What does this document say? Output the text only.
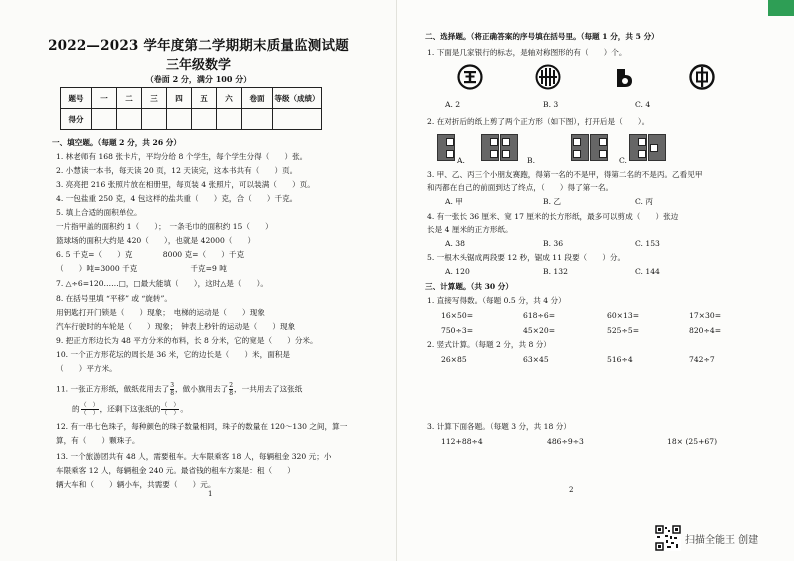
2022—2023 学年度第二学期期末质量监测试题
三年级数学
（卷面 2 分，满分 100 分）
题号	一	二	三	四	五	六	卷面	等级（成绩）
得分								
一、填空题。（每题 2 分，共 26 分）
1. 林老师有 168 张卡片，平均分给 8 个学生，每个学生分得（　　）张。
2. 小慧读一本书，每天读 20 页，12 天读完，这本书共有（　　）页。
3. 亮亮把 216 张照片放在相册里，每页装 4 张照片，可以装满（　　）页。
4. 一包盐重 250 克，4 包这样的盐共重（　　）克，合（　　）千克。
5. 填上合适的面积单位。
一片指甲盖的面积约 1（　　）；　一条毛巾的面积约 15（　　）
篮球场的面积大约是 420（　　），也就是 42000（　　）
6. 5 千克=（　　）克　　　　8000 克=（　　）千克
（　　）吨=3000 千克　　　　　　　千克=9 吨
7. △÷6=120……□，□最大能填（　　），这时△是（　　）。
8. 在括号里填 “平移” 或 “旋转”。
用钥匙打开门锁是（　　）现象；　电梯的运动是（　　）现象
汽车行驶时的车轮是（　　）现象；　钟表上秒针的运动是（　　）现象
9. 把正方形边长为 48 平方分米的布料，长 8 分米，它的宽是（　　）分米。
10. 一个正方形花坛的周长是 36 米，它的边长是（　　）米，面积是
（　　）平方米。
11. 一张正方形纸，做纸花用去了 $\frac{3}{8}$ ，做小旗用去了 $\frac{2}{8}$ ，一共用去了这张纸
的 $\frac{( )}{( )}$ ，还剩下这张纸的 $\frac{( )}{( )}$ 。
12. 有一串七色珠子，每种颜色的珠子数量相同，珠子的数量在 120～130 之间，算一
算，有（　　）颗珠子。
13. 一个旅游团共有 48 人，需要租车。大车限乘客 18 人，每辆租金 320 元；小
车限乘客 12 人，每辆租金 240 元。最省钱的租车方案是：租（　　）
辆大车和（　　）辆小车，共需要（　　）元。
1
二、选择题。（将正确答案的序号填在括号里。（每题 1 分，共 5 分）
1. 下面是几家银行的标志，是轴对称图形的有（　　）个。
A. 2	B. 3	C. 4
2. 在对折后的纸上剪了两个正方形（如下图），打开后是（　　）。
A.	B.	C.
3. 甲、乙、丙三个小朋友赛跑，得第一名的不是甲，得第二名的不是丙。乙看见甲
和丙都在自己的前面到达了终点，（　　）得了第一名。
A. 甲	B. 乙	C. 丙
4. 有一张长 36 厘米、宽 17 厘米的长方形纸，最多可以剪成（　　）张边
长是 4 厘米的正方形纸。
A. 38	B. 36	C. 153
5. 一根木头锯成两段要 12 秒，锯成 11 段要（　　）分。
A. 120	B. 132	C. 144
三、计算题。（共 30 分）
1. 直接写得数。（每题 0.5 分，共 4 分）
16×50=	618÷6=	60×13=	17×30=
750÷3=	45×20=	525÷5=	820÷4=
2. 竖式计算。（每题 2 分，共 8 分）
26×85	63×45	516÷4	742÷7
3. 计算下面各题。（每题 3 分，共 18 分）
112+88÷4	486÷9÷3	18× (25+67)
2
扫描全能王 创建
